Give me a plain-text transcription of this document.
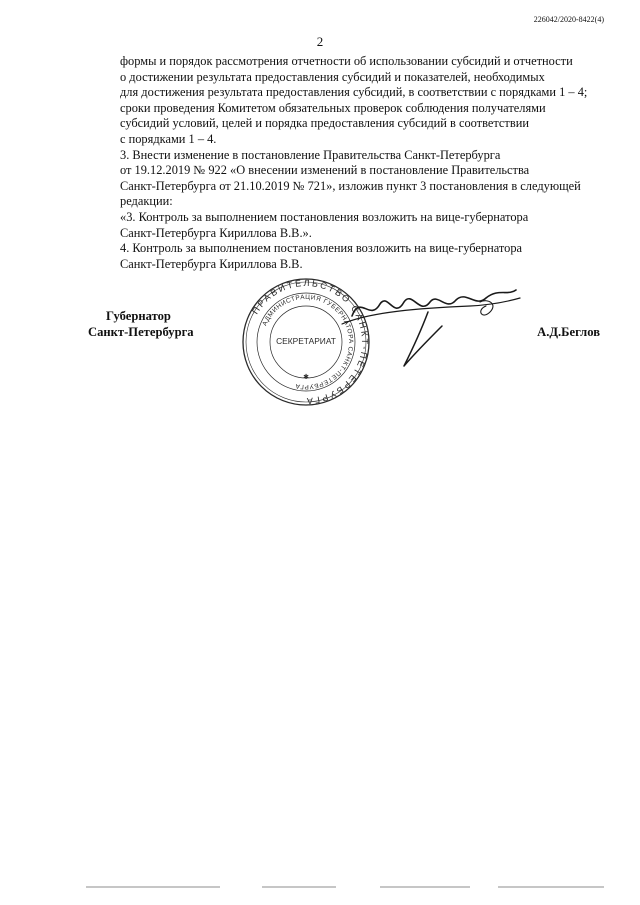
226042/2020-8422(4)
2

формы и порядок рассмотрения отчетности об использовании субсидий и отчетности
о достижении результата предоставления субсидий и показателей, необходимых
для достижения результата предоставления субсидий, в соответствии с порядками 1 – 4;

сроки проведения Комитетом обязательных проверок соблюдения получателями
субсидий условий, целей и порядка предоставления субсидий в соответствии
с порядками 1 – 4.

3. Внести изменение в постановление Правительства Санкт-Петербурга
от 19.12.2019 № 922 «О внесении изменений в постановление Правительства
Санкт-Петербурга от 21.10.2019 № 721», изложив пункт 3 постановления в следующей
редакции:

«3. Контроль за выполнением постановления возложить на вице-губернатора
Санкт-Петербурга Кириллова В.В.».

4. Контроль за выполнением постановления возложить на вице-губернатора
Санкт-Петербурга Кириллова В.В.

Губернатор
Санкт-Петербурга	А.Д.Беглов
ПРАВИТЕЛЬСТВО САНКТ-ПЕТЕРБУРГА
АДМИНИСТРАЦИЯ ГУБЕРНАТОРА САНКТ-ПЕТЕРБУРГА
СЕКРЕТАРИАТ
✱
